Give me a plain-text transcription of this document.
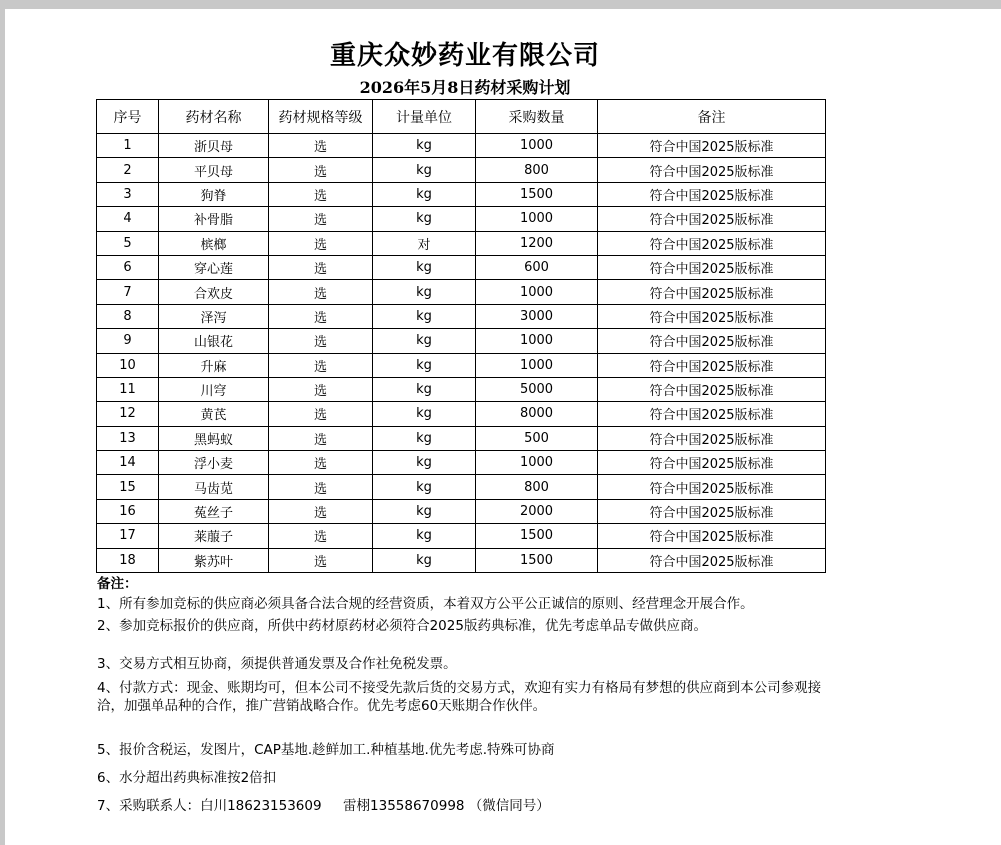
重庆众妙药业有限公司
2026年5月8日药材采购计划
序号	药材名称	药材规格等级	计量单位	采购数量	备注
1	浙贝母	选	kg	1000	符合中国2025版标准
2	平贝母	选	kg	800	符合中国2025版标准
3	狗脊	选	kg	1500	符合中国2025版标准
4	补骨脂	选	kg	1000	符合中国2025版标准
5	槟榔	选	对	1200	符合中国2025版标准
6	穿心莲	选	kg	600	符合中国2025版标准
7	合欢皮	选	kg	1000	符合中国2025版标准
8	泽泻	选	kg	3000	符合中国2025版标准
9	山银花	选	kg	1000	符合中国2025版标准
10	升麻	选	kg	1000	符合中国2025版标准
11	川穹	选	kg	5000	符合中国2025版标准
12	黄芪	选	kg	8000	符合中国2025版标准
13	黑蚂蚁	选	kg	500	符合中国2025版标准
14	浮小麦	选	kg	1000	符合中国2025版标准
15	马齿苋	选	kg	800	符合中国2025版标准
16	菟丝子	选	kg	2000	符合中国2025版标准
17	莱菔子	选	kg	1500	符合中国2025版标准
18	紫苏叶	选	kg	1500	符合中国2025版标准
备注：

1、所有参加竞标的供应商必须具备合法合规的经营资质，本着双方公平公正诚信的原则、经营理念开展合作。

2、参加竞标报价的供应商，所供中药材原药材必须符合2025版药典标准，优先考虑单品专做供应商。

3、交易方式相互协商，须提供普通发票及合作社免税发票。

4、付款方式：现金、账期均可，但本公司不接受先款后货的交易方式，欢迎有实力有格局有梦想的供应商到本公司参观接洽，加强单品种的合作，推广营销战略合作。优先考虑60天账期合作伙伴。

5、报价含税运，发图片，CAP基地.趁鲜加工.种植基地.优先考虑.特殊可协商

6、水分超出药典标准按2倍扣

7、采购联系人：白川18623153609     雷栩13558670998 （微信同号）
